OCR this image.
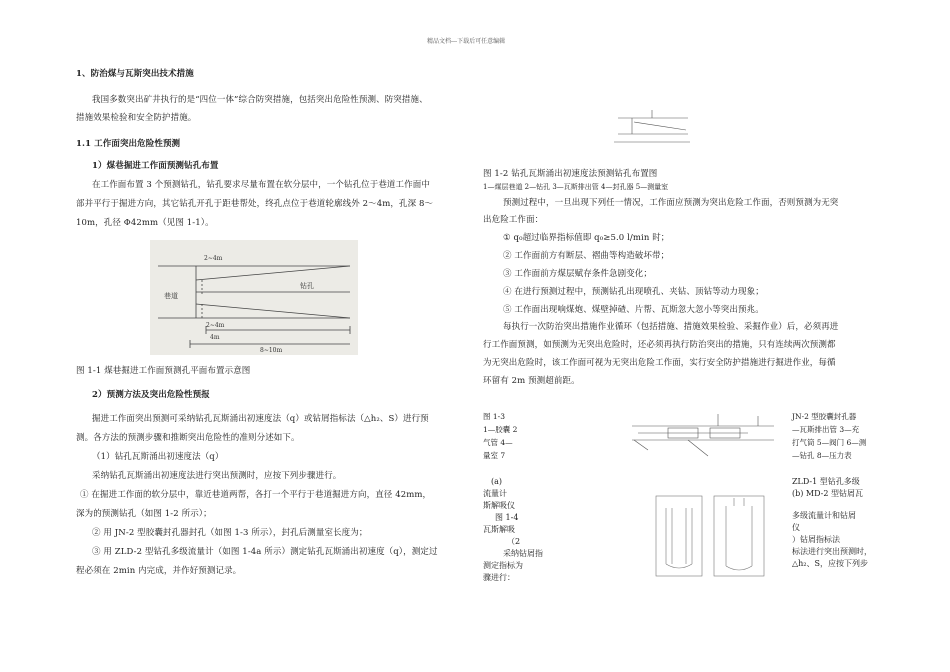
精品文档---下载后可任意编辑
1、防治煤与瓦斯突出技术措施
我国多数突出矿井执行的是“四位一体”综合防突措施，包括突出危险性预测、防突措施、
措施效果检验和安全防护措施。
1.1 工作面突出危险性预测
1）煤巷掘进工作面预测钻孔布置
在工作面布置 3 个预测钻孔，钻孔要求尽量布置在软分层中，一个钻孔位于巷道工作面中
部并平行于掘进方向，其它钻孔开孔于距巷帮处，终孔点位于巷道轮廓线外 2～4m，孔深 8～
10m，孔径 Φ42mm（见图 1-1）。
2~4m
2~4m
巷道
钻孔
8~10m
4m
图 1-1 煤巷掘进工作面预测孔平面布置示意图
2）预测方法及突出危险性预报
掘进工作面突出预测可采纳钻孔瓦斯涌出初速度法（q）或钻屑指标法（△h₂、S）进行预
测。各方法的预测步骤和推断突出危险性的准则分述如下。
（1）钻孔瓦斯涌出初速度法（q）
采纳钻孔瓦斯涌出初速度法进行突出预测时，应按下列步骤进行。
① 在掘进工作面的软分层中，靠近巷道两帮，各打一个平行于巷道掘进方向，直径 42mm，
深为的预测钻孔（如图 1-2 所示）；
② 用 JN-2 型胶囊封孔器封孔（如图 1-3 所示），封孔后测量室长度为；
③ 用 ZLD-2 型钻孔多级流量计（如图 1-4a 所示）测定钻孔瓦斯涌出初速度（q），测定过
程必须在 2min 内完成，并作好预测记录。
图 1-2 钻孔瓦斯涌出初速度法预测钻孔布置图
1—煤层巷道 2—钻孔 3—瓦斯排出管 4—封孔器 5—测量室
预测过程中，一旦出现下列任一情况，工作面应预测为突出危险工作面，否则预测为无突
出危险工作面：
① q₀超过临界指标值即 q₀≥5.0 l/min 时；
② 工作面前方有断层、褶曲等构造破坏带；
③ 工作面前方煤层赋存条件急剧变化；
④ 在进行预测过程中，预测钻孔出现喷孔、夹钻、顶钻等动力现象；
⑤ 工作面出现响煤炮、煤壁掉碴、片帮、瓦斯忽大忽小等突出预兆。
每执行一次防治突出措施作业循环（包括措施、措施效果检验、采掘作业）后，必须再进
行工作面预测，如预测为无突出危险时，还必须再执行防治突出的措施，只有连续两次预测都
为无突出危险时，该工作面可视为无突出危险工作面，实行安全防护措施进行掘进作业，每循
环留有 2m 预测超前距。
图 1-3
1—胶囊 2
气管 4—
量室 7
JN-2 型胶囊封孔器
—瓦斯排出管 3—充
打气筒 5—阀门 6—测
—钻孔 8—压力表
(a)
流量计
斯解吸仪
图 1-4
瓦斯解吸
（2
采纳钻屑指
测定指标为
骤进行：
ZLD-1 型钻孔多级
(b) MD-2 型钻屑瓦
多级流量计和钻屑
仪
）钻屑指标法
标法进行突出预测时，
△h₂、S，应按下列步
